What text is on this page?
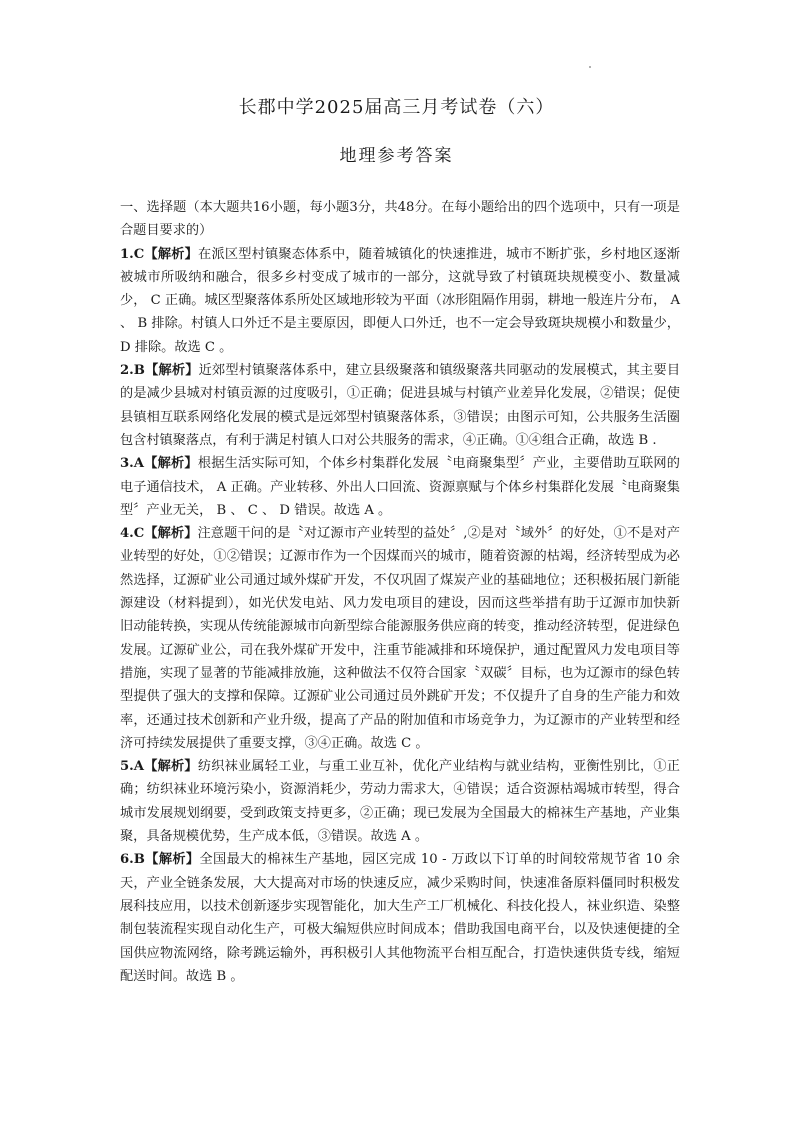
长郡中学2025届高三月考试卷（六）
地理参考答案

一、选择题（本大题共16小题，每小题3分，共48分。在每小题给出的四个选项中，只有一项是合题目要求的）

1.C【解析】在派区型村镇聚态体系中，随着城镇化的快速推进，城市不断扩张，乡村地区逐渐被城市所吸纳和融合，很多乡村变成了城市的一部分，这就导致了村镇斑块规模变小、数量减少， C 正确。城区型聚落体系所处区域地形较为平面（冰形阻隔作用弱，耕地一般连片分布， A 、 B 排除。村镇人口外迁不是主要原因，即便人口外迁，也不一定会导致斑块规模小和数量少， D 排除。故选 C 。

2.B【解析】近郊型村镇聚落体系中，建立县级聚落和镇级聚落共同驱动的发展模式，其主要目的是减少县城对村镇贡源的过度吸引，①正确；促进县城与村镇产业差异化发展，②错误；促使县镇相互联系网络化发展的模式是远郊型村镇聚落体系，③错误；由图示可知，公共服务生活圈包含村镇聚落点，有利于满足村镇人口对公共服务的需求，④正确。①④组合正确，故选 B .

3.A【解析】根据生活实际可知，个体乡村集群化发展〝电商聚集型〞产业，主要借助互联网的电子通信技术， A 正确。产业转移、外出人口回流、资源禀赋与个体乡村集群化发展〝电商聚集型〞产业无关， B 、 C 、 D 错误。故选 A 。

4.C【解析】注意题干问的是〝对辽源市产业转型的益处〞,②是对〝域外〞的好处，①不是对产业转型的好处，①②错误；辽源市作为一个因煤而兴的城市，随着资源的枯竭，经济转型成为必然选择，辽源矿业公司通过域外煤矿开发，不仅巩固了煤炭产业的基础地位；还积极拓展门新能源建设（材料提到），如光伏发电站、风力发电项目的建设，因而这些举措有助于辽源市加快新旧动能转换，实现从传统能源城市向新型综合能源服务供应商的转变，推动经济转型，促进绿色发展。辽源矿业公，司在我外煤矿开发中，注重节能减排和环境保护，通过配置风力发电项目等措施，实现了显著的节能减排放施，这种做法不仅符合国家〝双碳〞目标，也为辽源市的绿色转型提供了强大的支撑和保障。辽源矿业公司通过员外跳矿开发；不仅提升了自身的生产能力和效率，还通过技术创新和产业升级，提高了产品的附加值和市场竞争力，为辽源市的产业转型和经济可持续发展提供了重要支撑，③④正确。故选 C 。

5.A【解析】纺织袜业属轻工业，与重工业互补，优化产业结构与就业结构，亚衡性别比，①正确；纺织袜业环境污染小，资源消耗少，劳动力需求大，④错误；适合资源枯竭城市转型，得合城市发展规划纲要，受到政策支持更多，②正确；现已发展为全国最大的棉袜生产基地，产业集聚，具备规模优势，生产成本低，③错误。故选 A 。

6.B【解析】全国最大的棉袜生产基地，园区完成 10 - 万政以下订单的时间较常规节省 10 余天，产业全链条发展，大大提高对市场的快速反应，减少采购时间，快速准备原料僵同时积极发展科技应用，以技术创新逐步实现智能化，加大生产工厂机械化、科技化投人，袜业织造、染整制包装流程实现自动化生产，可极大编短供应时间成本；借助我国电商平台，以及快速便捷的全国供应物流网络，除考跳运输外，再积极引人其他物流平台相互配合，打造快速供货专线，缩短配送时间。故选 B 。
